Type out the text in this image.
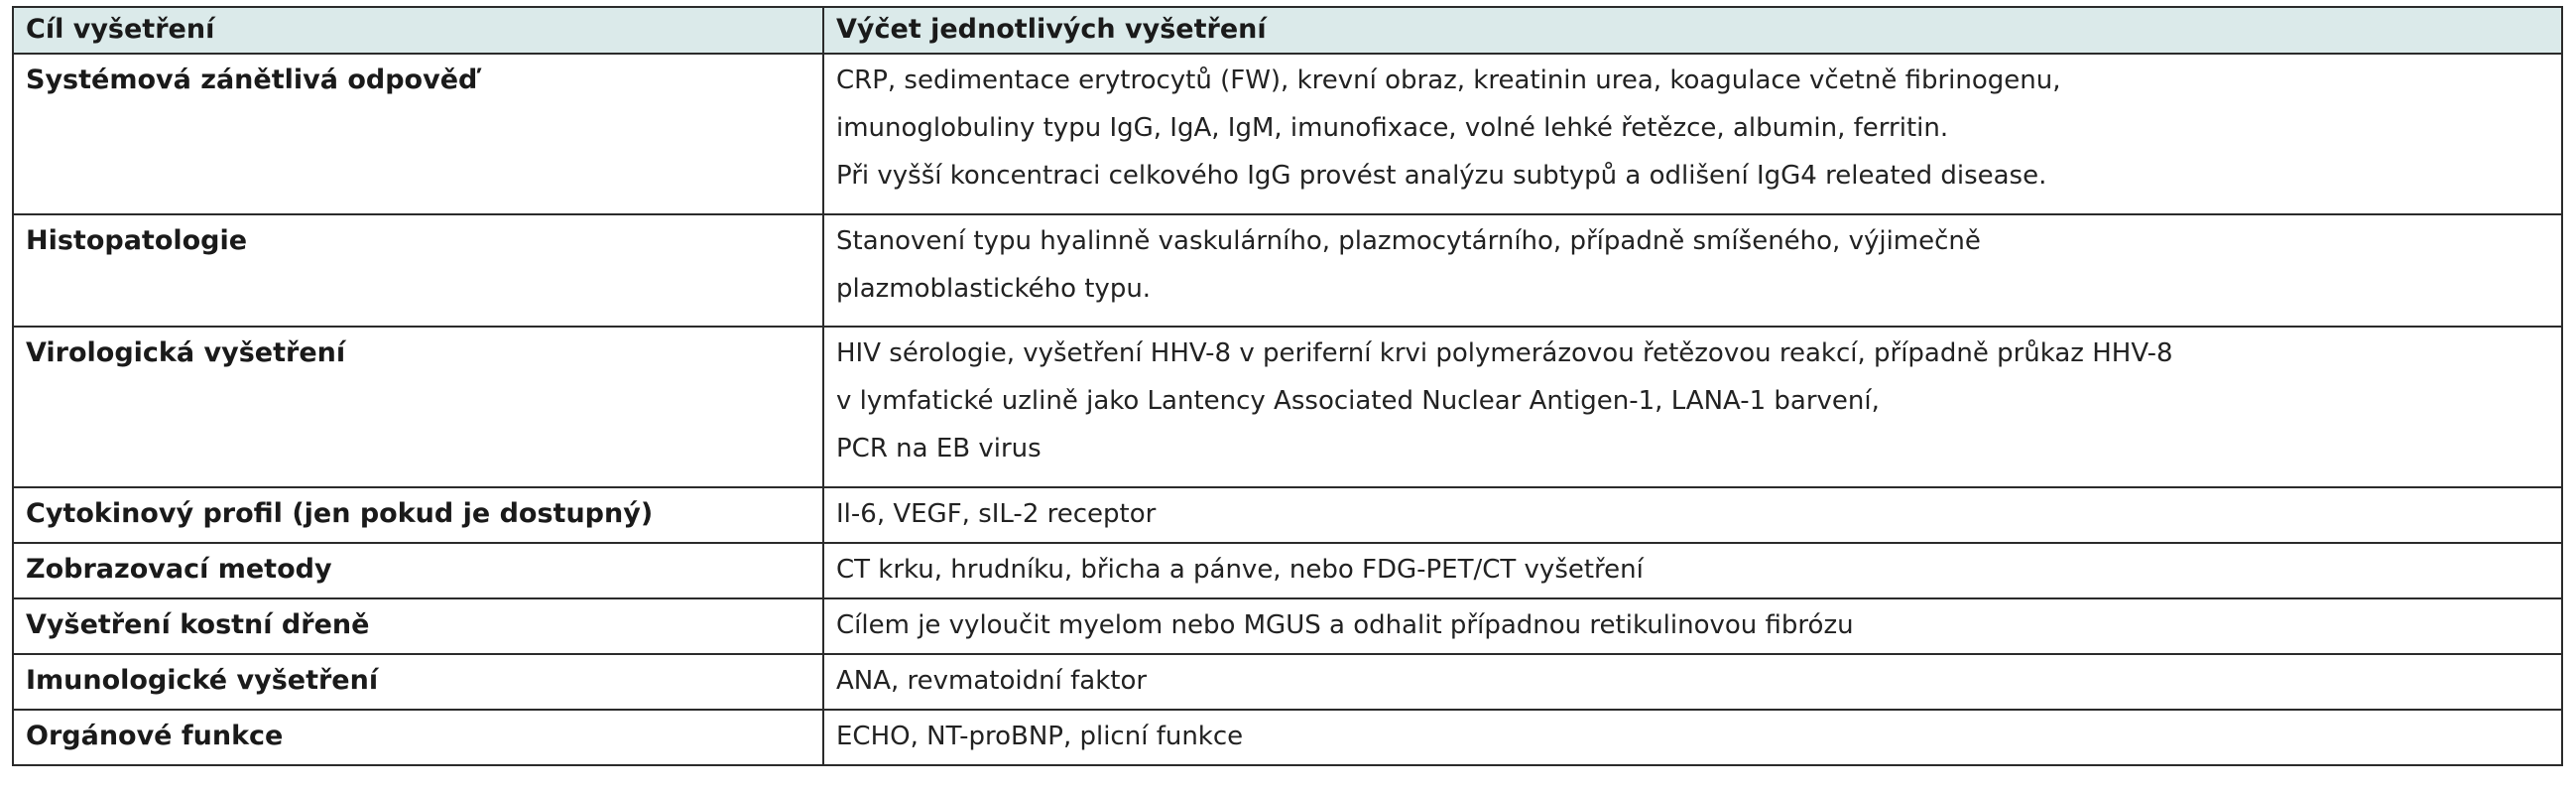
Cíl vyšetření	Výčet jednotlivých vyšetření
Systémová zánětlivá odpověď	CRP, sedimentace erytrocytů (FW), krevní obraz, kreatinin urea, koagulace včetně fibrinogenu,
imunoglobuliny typu IgG, IgA, IgM, imunofixace, volné lehké řetězce, albumin, ferritin.
Při vyšší koncentraci celkového IgG provést analýzu subtypů a odlišení IgG4 releated disease.

Histopatologie	Stanovení typu hyalinně vaskulárního, plazmocytárního, případně smíšeného, výjimečně
plazmoblastického typu.

Virologická vyšetření	HIV sérologie, vyšetření HHV-8 v periferní krvi polymerázovou řetězovou reakcí, případně průkaz HHV-8
v lymfatické uzlině jako Lantency Associated Nuclear Antigen-1, LANA-1 barvení,
PCR na EB virus

Cytokinový profil (jen pokud je dostupný)	Il-6, VEGF, sIL-2 receptor

Zobrazovací metody	CT krku, hrudníku, břicha a pánve, nebo FDG-PET/CT vyšetření

Vyšetření kostní dřeně	Cílem je vyloučit myelom nebo MGUS a odhalit případnou retikulinovou fibrózu

Imunologické vyšetření	ANA, revmatoidní faktor

Orgánové funkce	ECHO, NT-proBNP, plicní funkce
